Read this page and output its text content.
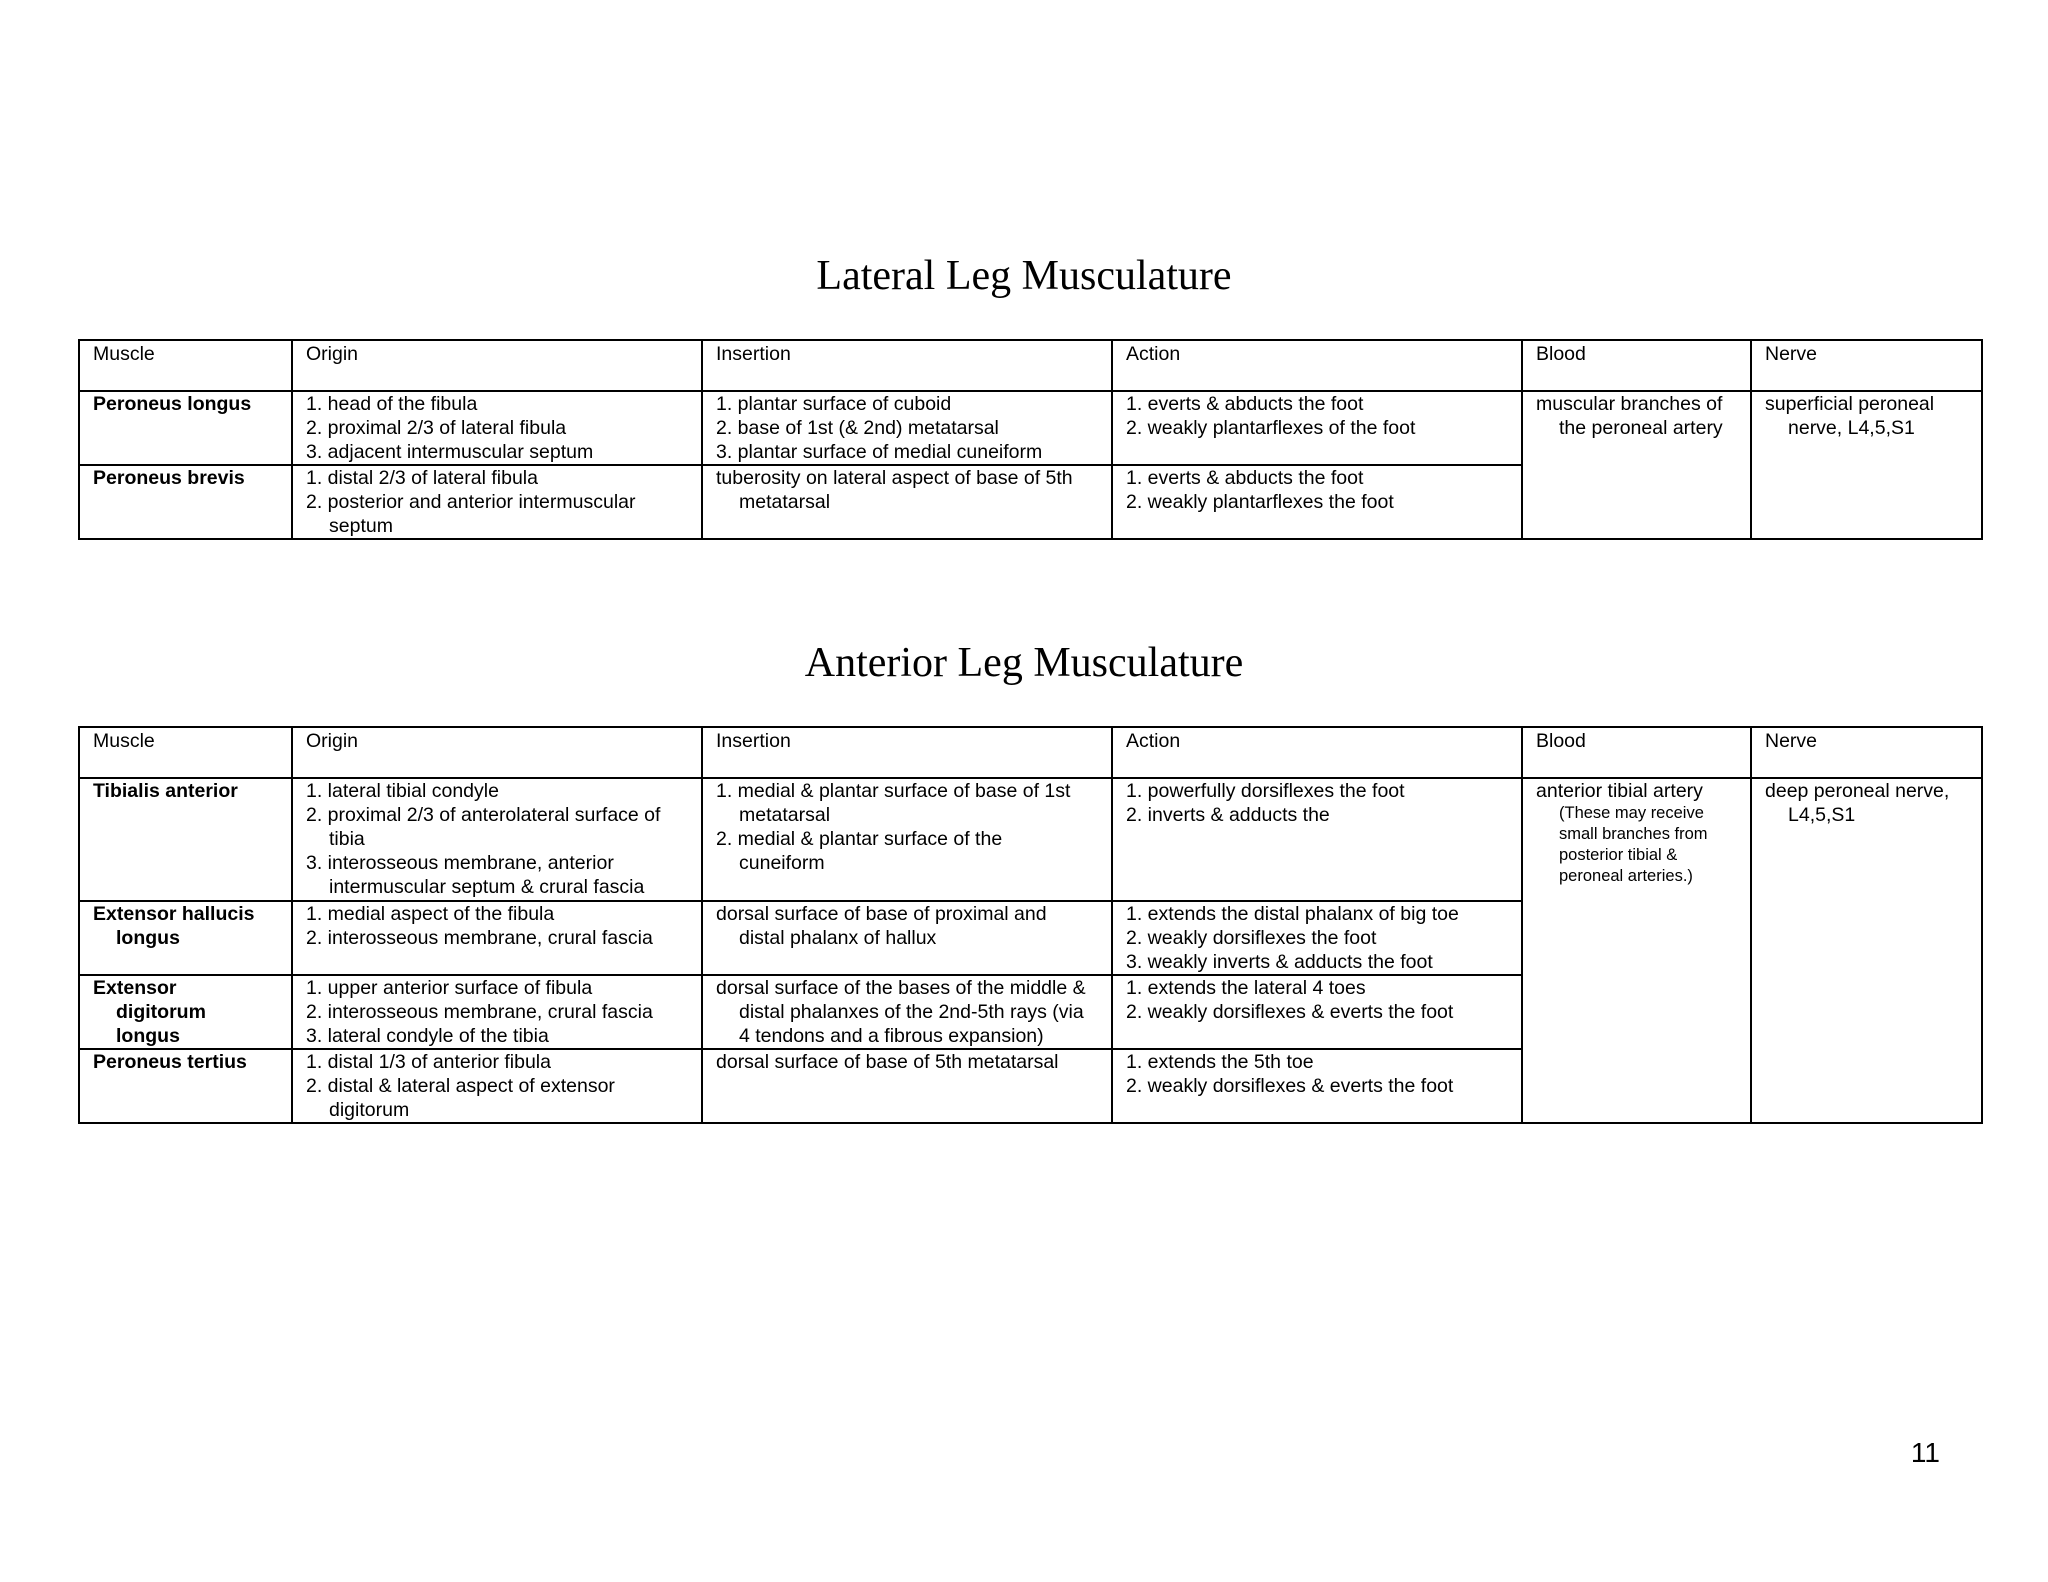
Lateral Leg Musculature
Muscle	Origin	Insertion	Action	Blood	Nerve

Peroneus longus	1. head of the fibula
2. proximal 2/3 of lateral fibula
3. adjacent intermuscular septum	1. plantar surface of cuboid
2. base of 1st (& 2nd) metatarsal
3. plantar surface of medial cuneiform	1. everts & abducts the foot
2. weakly plantarflexes of the foot	muscular branches of
the peroneal artery	superficial peroneal
nerve, L4,5,S1

Peroneus brevis	1. distal 2/3 of lateral fibula
2. posterior and anterior intermuscular
septum	tuberosity on lateral aspect of base of 5th
metatarsal	1. everts & abducts the foot
2. weakly plantarflexes the foot		
Anterior Leg Musculature
Muscle	Origin	Insertion	Action	Blood	Nerve

Tibialis anterior	1. lateral tibial condyle
2. proximal 2/3 of anterolateral surface of
tibia
3. interosseous membrane, anterior
intermuscular septum & crural fascia	1. medial & plantar surface of base of 1st
metatarsal
2. medial & plantar surface of the
cuneiform	1. powerfully dorsiflexes the foot
2. inverts & adducts the	anterior tibial artery
(These may receive
small branches from
posterior tibial &
peroneal arteries.)	deep peroneal nerve,
L4,5,S1

Extensor hallucis
longus	1. medial aspect of the fibula
2. interosseous membrane, crural fascia	dorsal surface of base of proximal and
distal phalanx of hallux	1. extends the distal phalanx of big toe
2. weakly dorsiflexes the foot
3. weakly inverts & adducts the foot		

Extensor
digitorum
longus	1. upper anterior surface of fibula
2. interosseous membrane, crural fascia
3. lateral condyle of the tibia	dorsal surface of the bases of the middle &
distal phalanxes of the 2nd-5th rays (via
4 tendons and a fibrous expansion)	1. extends the lateral 4 toes
2. weakly dorsiflexes & everts the foot		

Peroneus tertius	1. distal 1/3 of anterior fibula
2. distal & lateral aspect of extensor
digitorum	dorsal surface of base of 5th metatarsal	1. extends the 5th toe
2. weakly dorsiflexes & everts the foot		
11
